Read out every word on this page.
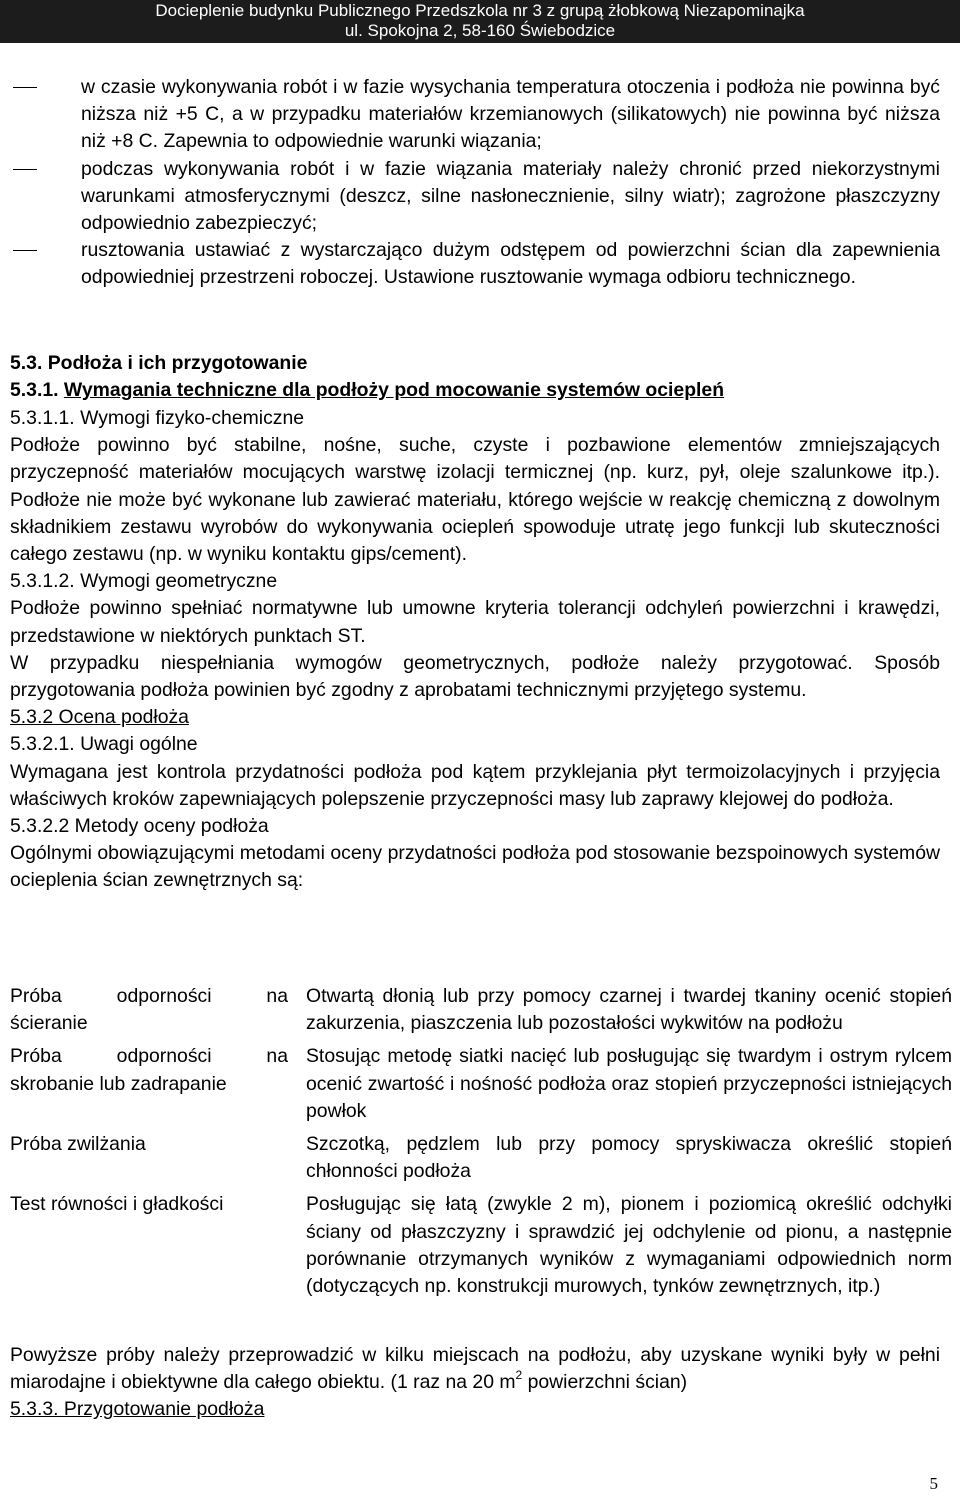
Docieplenie budynku Publicznego Przedszkola nr 3 z grupą żłobkową Niezapominajka
ul. Spokojna 2, 58-160 Świebodzice
w czasie wykonywania robót i w fazie wysychania temperatura otoczenia i podłoża nie powinna być niższa niż +5 C, a w przypadku materiałów krzemianowych (silikatowych) nie powinna być niższa niż +8 C. Zapewnia to odpowiednie warunki wiązania;
podczas wykonywania robót i w fazie wiązania materiały należy chronić przed niekorzystnymi warunkami atmosferycznymi (deszcz, silne nasłonecznienie, silny wiatr); zagrożone płaszczyzny odpowiednio zabezpieczyć;
rusztowania ustawiać z wystarczająco dużym odstępem od powierzchni ścian dla zapewnienia odpowiedniej przestrzeni roboczej. Ustawione rusztowanie wymaga odbioru technicznego.
5.3. Podłoża i ich przygotowanie
5.3.1. Wymagania techniczne dla podłoży pod mocowanie systemów ociepleń

5.3.1.1. Wymogi fizyko-chemiczne

Podłoże powinno być stabilne, nośne, suche, czyste i pozbawione elementów zmniejszających przyczepność materiałów mocujących warstwę izolacji termicznej (np. kurz, pył, oleje szalunkowe itp.). Podłoże nie może być wykonane lub zawierać materiału, którego wejście w reakcję chemiczną z dowolnym składnikiem zestawu wyrobów do wykonywania ociepleń spowoduje utratę jego funkcji lub skuteczności całego zestawu (np. w wyniku kontaktu gips/cement).

5.3.1.2. Wymogi geometryczne

Podłoże powinno spełniać normatywne lub umowne kryteria tolerancji odchyleń powierzchni i krawędzi, przedstawione w niektórych punktach ST.

W przypadku niespełniania wymogów geometrycznych, podłoże należy przygotować. Sposób przygotowania podłoża powinien być zgodny z aprobatami technicznymi przyjętego systemu.

5.3.2 Ocena podłoża

5.3.2.1. Uwagi ogólne

Wymagana jest kontrola przydatności podłoża pod kątem przyklejania płyt termoizolacyjnych i przyjęcia właściwych kroków zapewniających polepszenie przyczepności masy lub zaprawy klejowej do podłoża.

5.3.2.2 Metody oceny podłoża

Ogólnymi obowiązującymi metodami oceny przydatności podłoża pod stosowanie bezspoinowych systemów ocieplenia ścian zewnętrznych są:

Próba odporności na
ścieranie
Otwartą dłonią lub przy pomocy czarnej i twardej tkaniny ocenić stopień zakurzenia, piaszczenia lub pozostałości wykwitów na podłożu
Próba odporności na
skrobanie lub zadrapanie
Stosując metodę siatki nacięć lub posługując się twardym i ostrym rylcem ocenić zwartość i nośność podłoża oraz stopień przyczepności istniejących powłok
Próba zwilżania	Szczotką, pędzlem lub przy pomocy spryskiwacza określić stopień chłonności podłoża
Test równości i gładkości	Posługując się łatą (zwykle 2 m), pionem i poziomicą określić odchyłki ściany od płaszczyzny i sprawdzić jej odchylenie od pionu, a następnie porównanie otrzymanych wyników z wymaganiami odpowiednich norm (dotyczących np. konstrukcji murowych, tynków zewnętrznych, itp.)
Powyższe próby należy przeprowadzić w kilku miejscach na podłożu, aby uzyskane wyniki były w pełni miarodajne i obiektywne dla całego obiektu. (1 raz na 20 $m^2$ powierzchni ścian)
5.3.3. Przygotowanie podłoża
5
